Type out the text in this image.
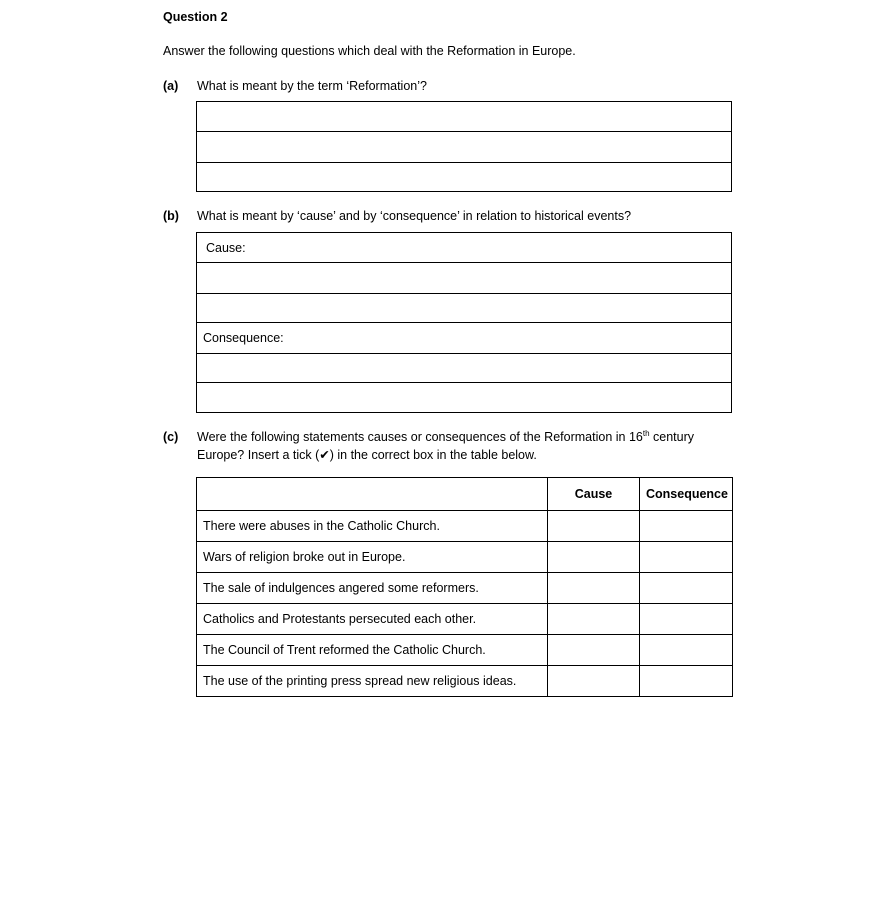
Question 2
Answer the following questions which deal with the Reformation in Europe.
(a) What is meant by the term ‘Reformation’?
(b) What is meant by ‘cause’ and by ‘consequence’ in relation to historical events?
Cause:
Consequence:
(c) Were the following statements causes or consequences of the Reformation in 16th century
Europe? Insert a tick (✔) in the correct box in the table below.
	Cause	Consequence
There were abuses in the Catholic Church.		
Wars of religion broke out in Europe.		
The sale of indulgences angered some reformers.		
Catholics and Protestants persecuted each other.		
The Council of Trent reformed the Catholic Church.		
The use of the printing press spread new religious ideas.		
